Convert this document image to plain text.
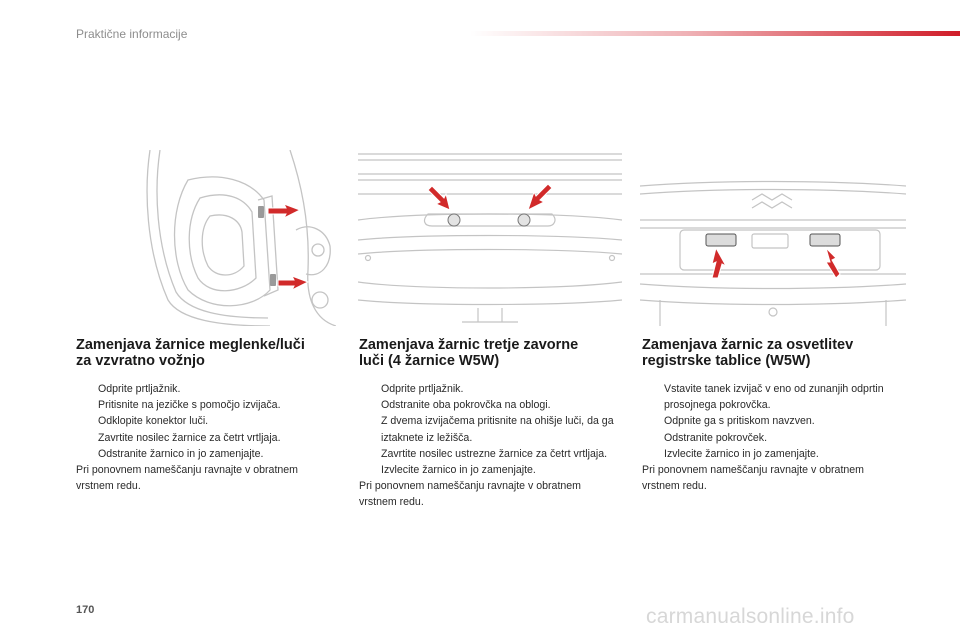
Praktične informacije
Zamenjava žarnice meglenke/luči
za vzvratno vožnjo
Odprite prtljažnik.
Pritisnite na jezičke s pomočjo izvijača.
Odklopite konektor luči.
Zavrtite nosilec žarnice za četrt vrtljaja.
Odstranite žarnico in jo zamenjajte.

Pri ponovnem nameščanju ravnajte v obratnem vrstnem redu.

Zamenjava žarnic tretje zavorne
luči (4 žarnice W5W)
Odprite prtljažnik.
Odstranite oba pokrovčka na oblogi.
Z dvema izvijačema pritisnite na ohišje luči, da ga iztaknete iz ležišča.
Zavrtite nosilec ustrezne žarnice za četrt vrtljaja.
Izvlecite žarnico in jo zamenjajte.

Pri ponovnem nameščanju ravnajte v obratnem vrstnem redu.

Zamenjava žarnic za osvetlitev
registrske tablice (W5W)
Vstavite tanek izvijač v eno od zunanjih odprtin prosojnega pokrovčka.
Odpnite ga s pritiskom navzven.
Odstranite pokrovček.
Izvlecite žarnico in jo zamenjajte.

Pri ponovnem nameščanju ravnajte v obratnem vrstnem redu.

170	carmanualsonline.info
